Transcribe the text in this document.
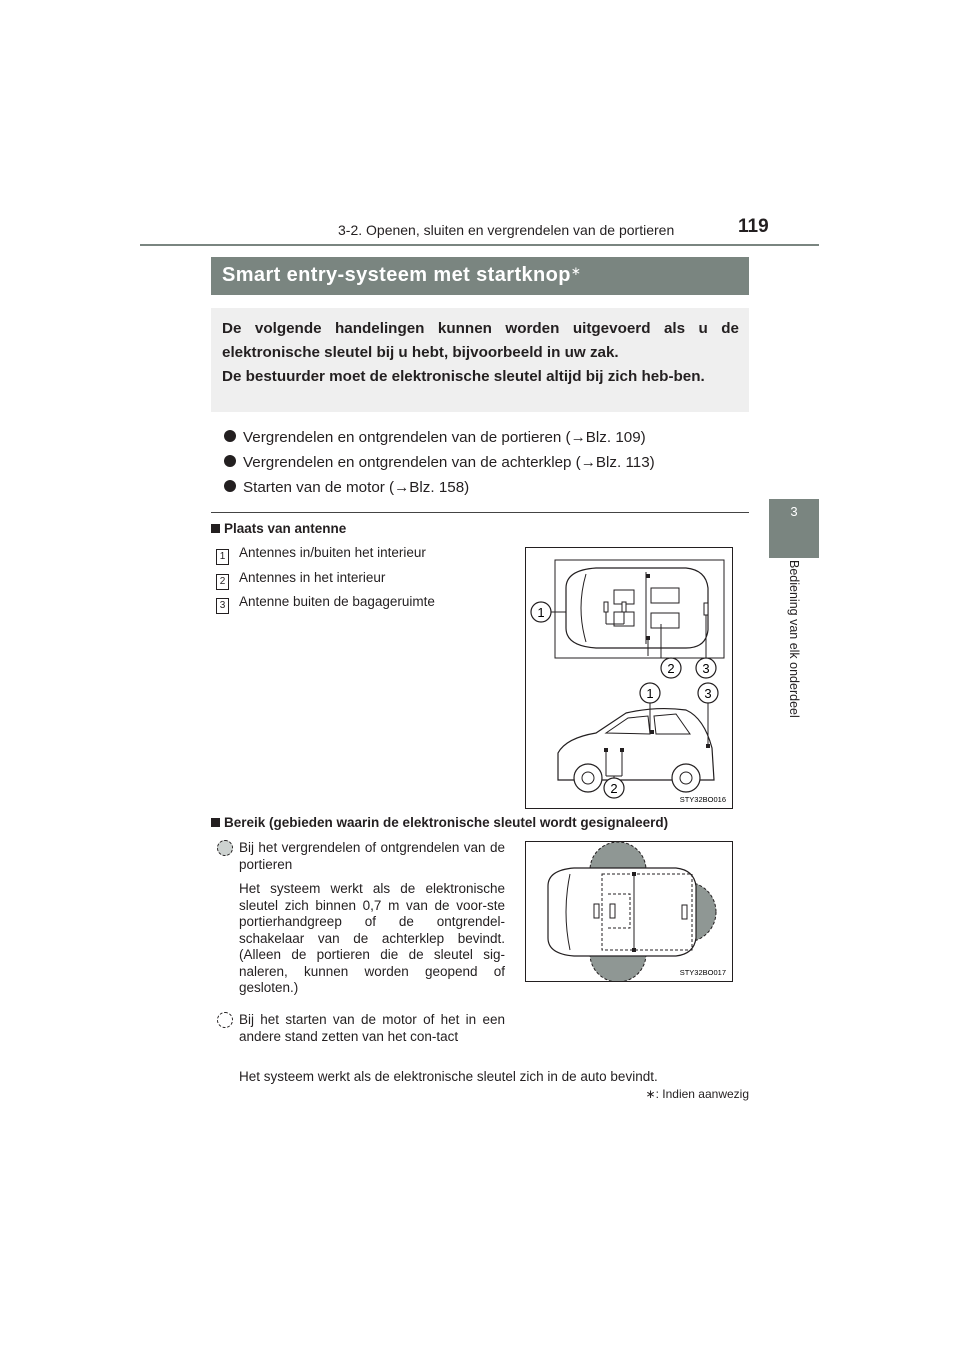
3-2. Openen, sluiten en vergrendelen van de portieren	119
3
Bediening van elk onderdeel
Smart entry-systeem met startknop∗

De volgende handelingen kunnen worden uitgevoerd als u de elektronische sleutel bij u hebt, bijvoorbeeld in uw zak.

De bestuurder moet de elektronische sleutel altijd bij zich heb-ben.

Vergrendelen en ontgrendelen van de portieren (→Blz. 109)
Vergrendelen en ontgrendelen van de achterklep (→Blz. 113)
Starten van de motor (→Blz. 158)
Plaats van antenne
1 Antennes in/buiten het interieur
2 Antennes in het interieur
3 Antenne buiten de bagageruimte
1
2 3
1	3
2
STY32BO016
Bereik (gebieden waarin de elektronische sleutel wordt gesignaleerd)
Bij het vergrendelen of ontgrendelen van de portieren
Het systeem werkt als de elektronische sleutel zich binnen 0,7 m van de voor-ste portierhandgreep of de ontgrendel-schakelaar van de achterklep bevindt. (Alleen de portieren die de sleutel sig-naleren, kunnen worden geopend of gesloten.)
Bij het starten van de motor of het in een andere stand zetten van het con-tact
Het systeem werkt als de elektronische sleutel zich in de auto bevindt.
STY32BO017
∗: Indien aanwezig
